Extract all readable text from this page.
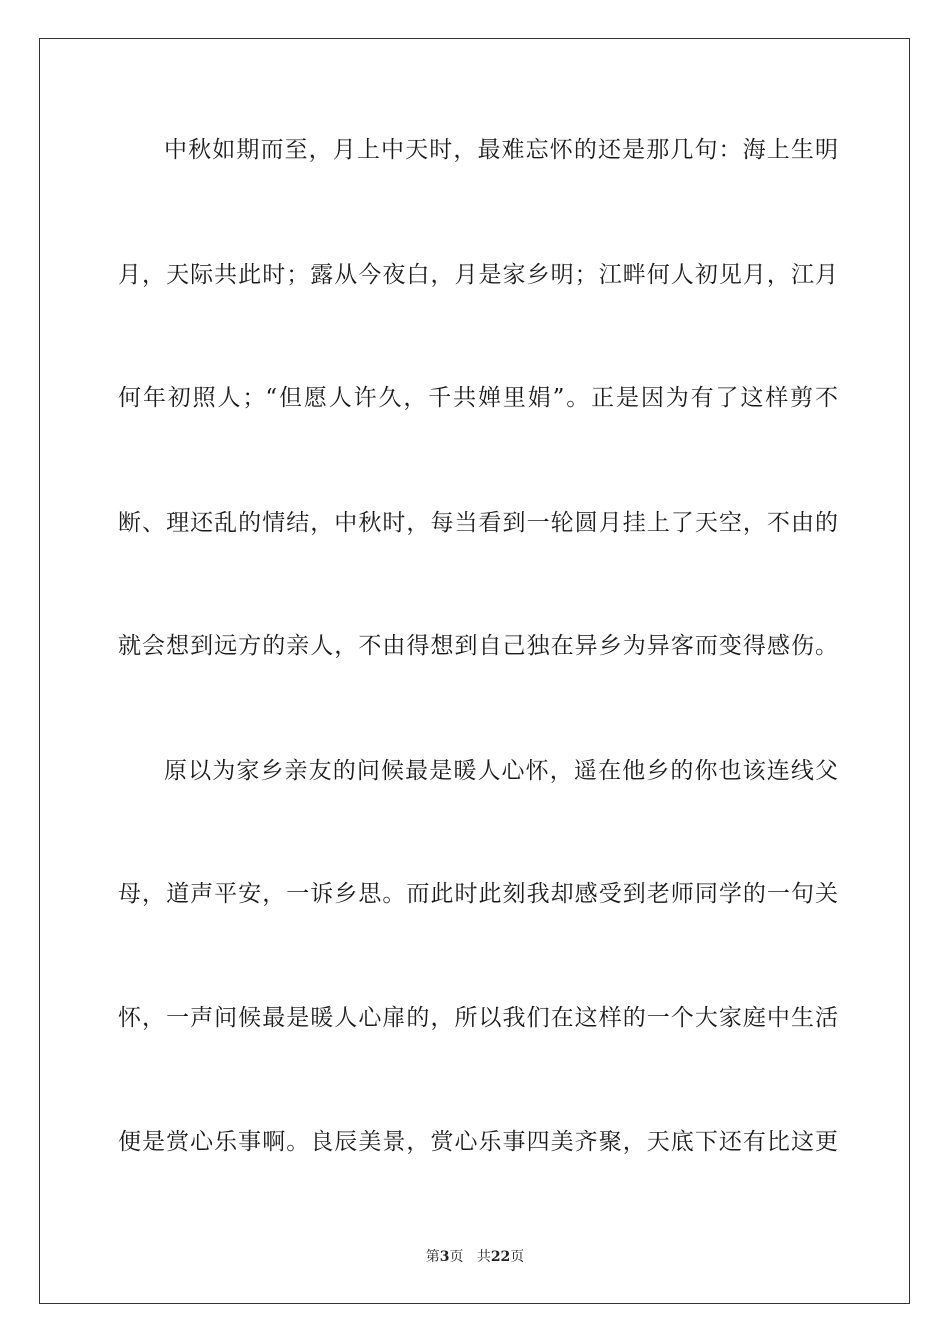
中秋如期而至，月上中天时，最难忘怀的还是那几句：海上生明
月，天际共此时；露从今夜白，月是家乡明；江畔何人初见月，江月
何年初照人；“但愿人许久，千共婵里娟”。正是因为有了这样剪不
断、理还乱的情结，中秋时，每当看到一轮圆月挂上了天空，不由的
就会想到远方的亲人，不由得想到自己独在异乡为异客而变得感伤。
原以为家乡亲友的问候最是暖人心怀，遥在他乡的你也该连线父
母，道声平安，一诉乡思。而此时此刻我却感受到老师同学的一句关
怀，一声问候最是暖人心扉的，所以我们在这样的一个大家庭中生活
便是赏心乐事啊。良辰美景，赏心乐事四美齐聚，天底下还有比这更
第3页 共22页
